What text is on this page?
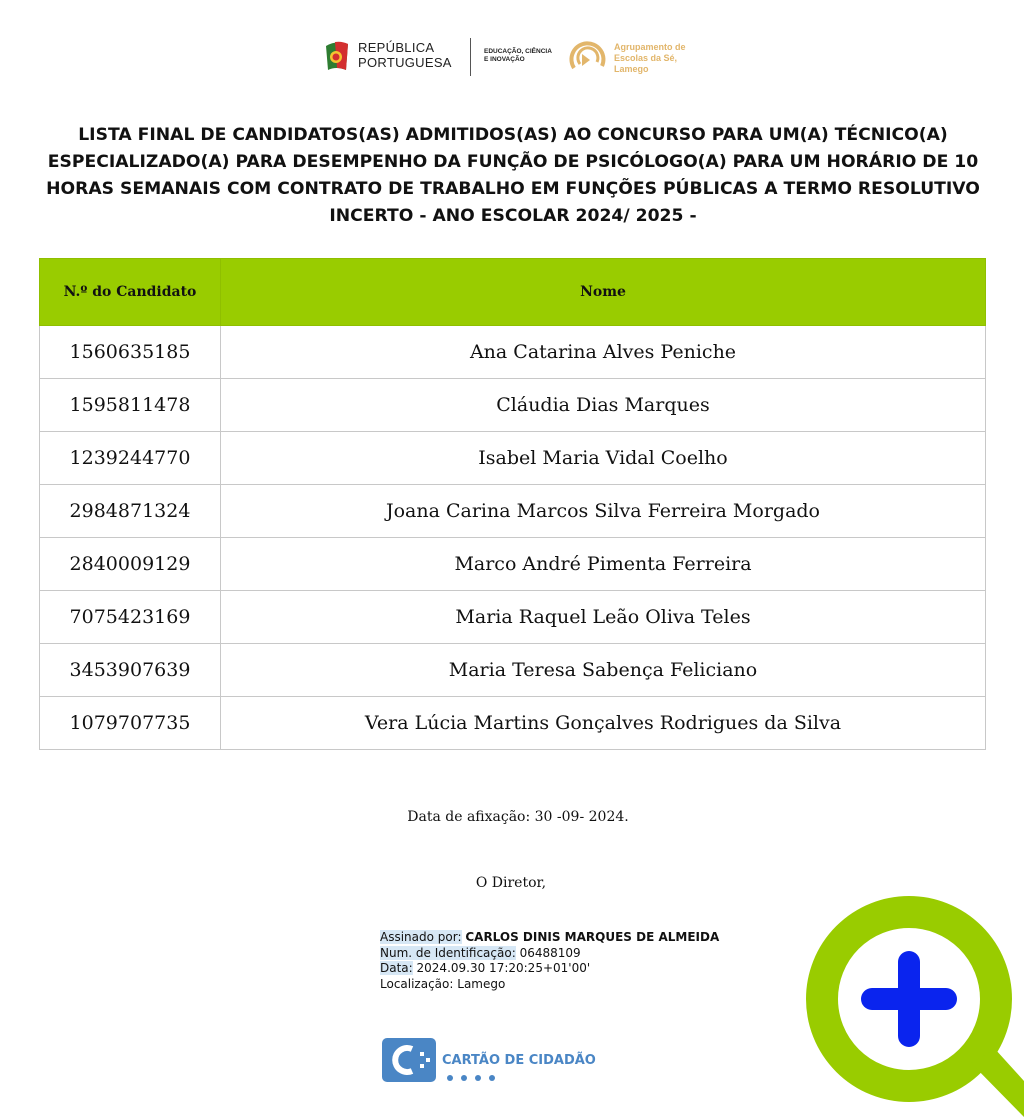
REPÚBLICA
PORTUGUESA
EDUCAÇÃO, CIÊNCIA
E INOVAÇÃO
Agrupamento de
Escolas da Sé,
Lamego
LISTA FINAL DE CANDIDATOS(AS) ADMITIDOS(AS) AO CONCURSO PARA UM(A) TÉCNICO(A) ESPECIALIZADO(A) PARA DESEMPENHO DA FUNÇÃO DE PSICÓLOGO(A) PARA UM HORÁRIO DE 10 HORAS SEMANAIS COM CONTRATO DE TRABALHO EM FUNÇÕES PÚBLICAS A TERMO RESOLUTIVO INCERTO - ANO ESCOLAR 2024/ 2025 -
N.º do Candidato	Nome
1560635185	Ana Catarina Alves Peniche
1595811478	Cláudia Dias Marques
1239244770	Isabel Maria Vidal Coelho
2984871324	Joana Carina Marcos Silva Ferreira Morgado
2840009129	Marco André Pimenta Ferreira
7075423169	Maria Raquel Leão Oliva Teles
3453907639	Maria Teresa Sabença Feliciano
1079707735	Vera Lúcia Martins Gonçalves Rodrigues da Silva
Data de afixação: 30 -09- 2024.
O Diretor,
Assinado por: CARLOS DINIS MARQUES DE ALMEIDA
Num. de Identificação: 06488109
Data: 2024.09.30 17:20:25+01'00'
Localização: Lamego
CARTÃO DE CIDADÃO
